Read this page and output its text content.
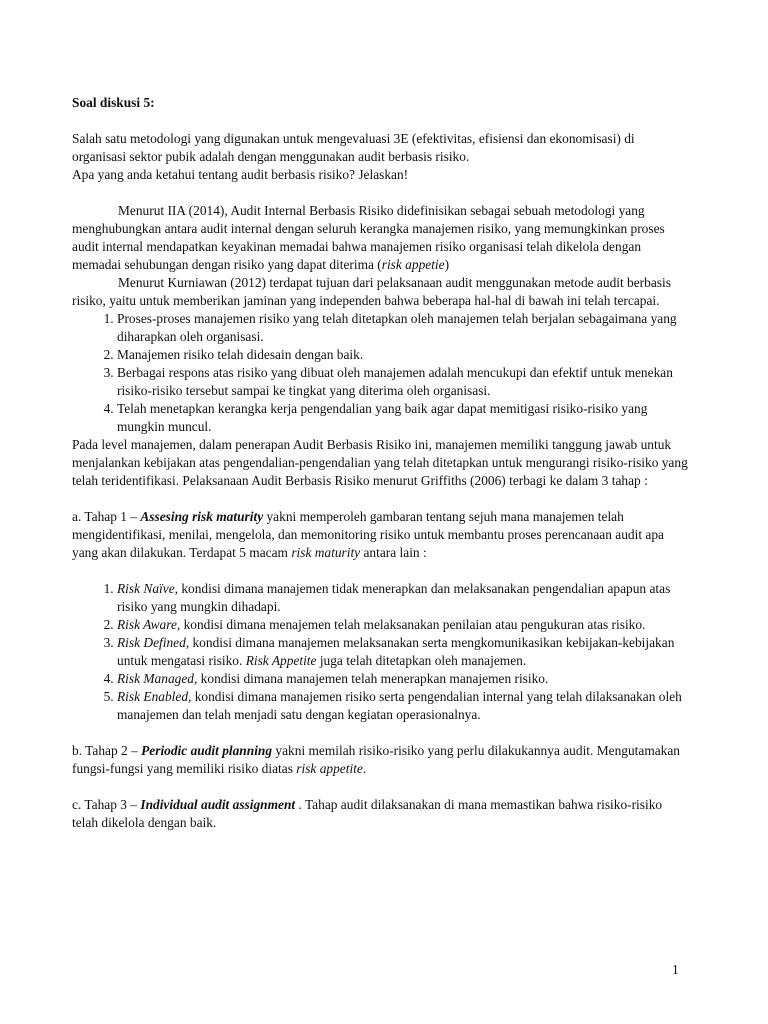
Soal diskusi 5:

Salah satu metodologi yang digunakan untuk mengevaluasi 3E (efektivitas, efisiensi dan ekonomisasi) di organisasi sektor pubik adalah dengan menggunakan audit berbasis risiko.

Apa yang anda ketahui tentang audit berbasis risiko? Jelaskan!

Menurut IIA (2014), Audit Internal Berbasis Risiko didefinisikan sebagai sebuah metodologi yang menghubungkan antara audit internal dengan seluruh kerangka manajemen risiko, yang memungkinkan proses audit internal mendapatkan keyakinan memadai bahwa manajemen risiko organisasi telah dikelola dengan memadai sehubungan dengan risiko yang dapat diterima (risk appetie)

Menurut Kurniawan (2012) terdapat tujuan dari pelaksanaan audit menggunakan metode audit berbasis risiko, yaitu untuk memberikan jaminan yang independen bahwa beberapa hal-hal di bawah ini telah tercapai.

1. Proses-proses manajemen risiko yang telah ditetapkan oleh manajemen telah berjalan sebagaimana yang diharapkan oleh organisasi.
2. Manajemen risiko telah didesain dengan baik.
3. Berbagai respons atas risiko yang dibuat oleh manajemen adalah mencukupi dan efektif untuk menekan risiko-risiko tersebut sampai ke tingkat yang diterima oleh organisasi.
4. Telah menetapkan kerangka kerja pengendalian yang baik agar dapat memitigasi risiko-risiko yang mungkin muncul.

Pada level manajemen, dalam penerapan Audit Berbasis Risiko ini, manajemen memiliki tanggung jawab untuk menjalankan kebijakan atas pengendalian-pengendalian yang telah ditetapkan untuk mengurangi risiko-risiko yang telah teridentifikasi. Pelaksanaan Audit Berbasis Risiko menurut Griffiths (2006) terbagi ke dalam 3 tahap :

a. Tahap 1 – Assesing risk maturity yakni memperoleh gambaran tentang sejuh mana manajemen telah mengidentifikasi, menilai, mengelola, dan memonitoring risiko untuk membantu proses perencanaan audit apa yang akan dilakukan. Terdapat 5 macam risk maturity antara lain :

1. Risk Naïve, kondisi dimana manajemen tidak menerapkan dan melaksanakan pengendalian apapun atas risiko yang mungkin dihadapi.
2. Risk Aware, kondisi dimana menajemen telah melaksanakan penilaian atau pengukuran atas risiko.
3. Risk Defined, kondisi dimana manajemen melaksanakan serta mengkomunikasikan kebijakan-kebijakan untuk mengatasi risiko. Risk Appetite juga telah ditetapkan oleh manajemen.
4. Risk Managed, kondisi dimana manajemen telah menerapkan manajemen risiko.
5. Risk Enabled, kondisi dimana manajemen risiko serta pengendalian internal yang telah dilaksanakan oleh manajemen dan telah menjadi satu dengan kegiatan operasionalnya.

b. Tahap 2 – Periodic audit planning yakni memilah risiko-risiko yang perlu dilakukannya audit. Mengutamakan fungsi-fungsi yang memiliki risiko diatas risk appetite.

c. Tahap 3 – Individual audit assignment . Tahap audit dilaksanakan di mana memastikan bahwa risiko-risiko telah dikelola dengan baik.

1
